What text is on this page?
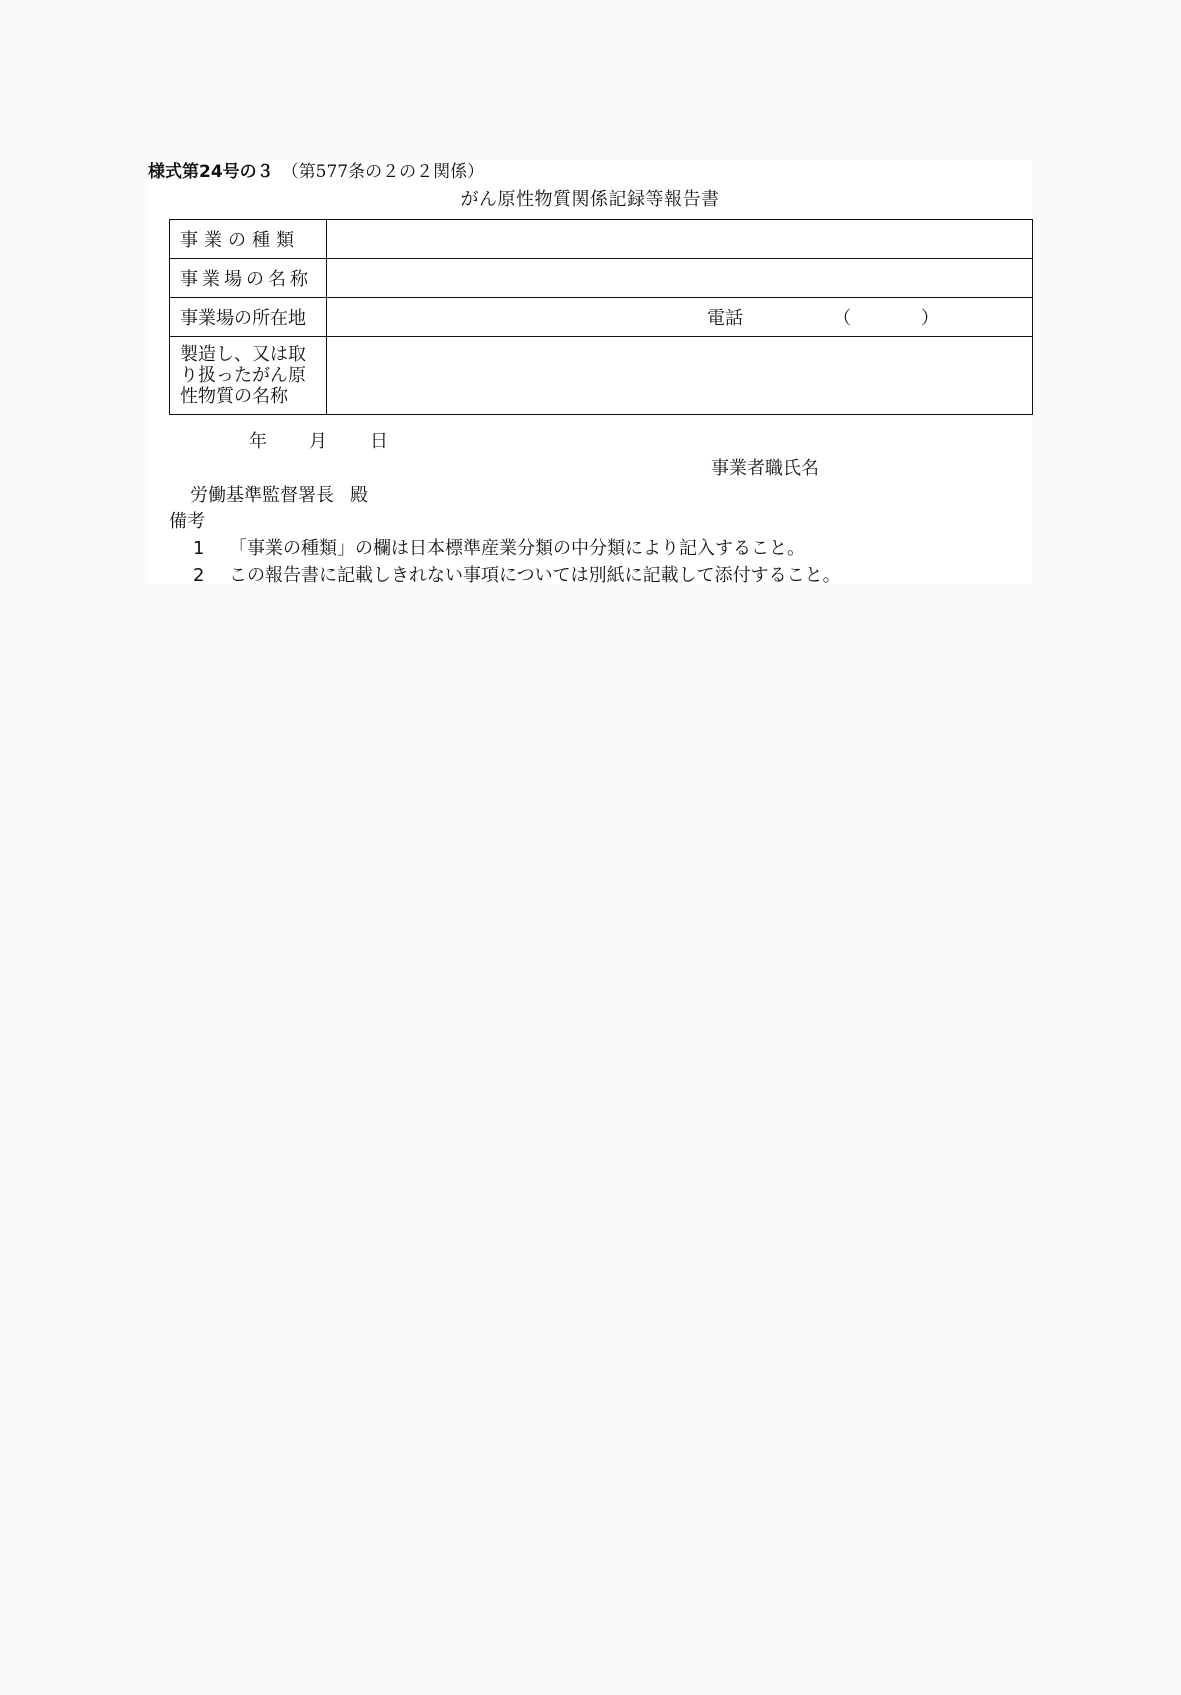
様式第24号の３ （第577条の２の２関係）
がん原性物質関係記録等報告書
事業の種類	
事業場の名称	
事業場の所在地	電話 （ ）

製造し、又は取
り扱ったがん原
性物質の名称	

年 月 日
事業者職氏名
労働基準監督署長 殿
備考
1 「事業の種類」の欄は日本標準産業分類の中分類により記入すること。
2 この報告書に記載しきれない事項については別紙に記載して添付すること。
